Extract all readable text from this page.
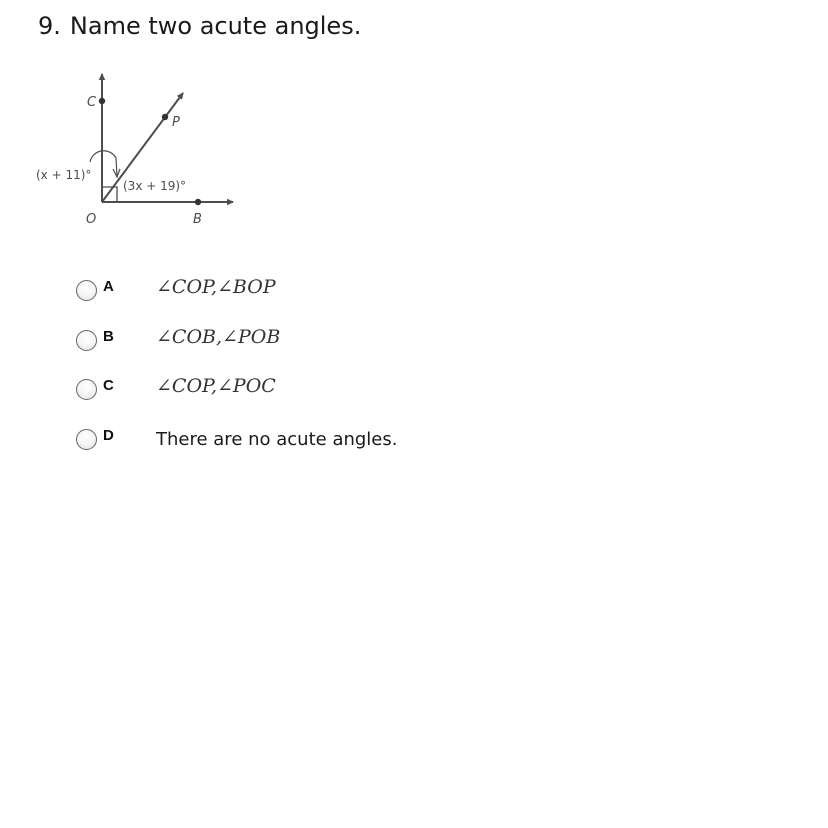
9. Name two acute angles.
C
P
O	B
(x + 11)°
(3x + 19)°
A ∠COP,∠BOP
B ∠COB,∠POB
C ∠COP,∠POC
D There are no acute angles.
